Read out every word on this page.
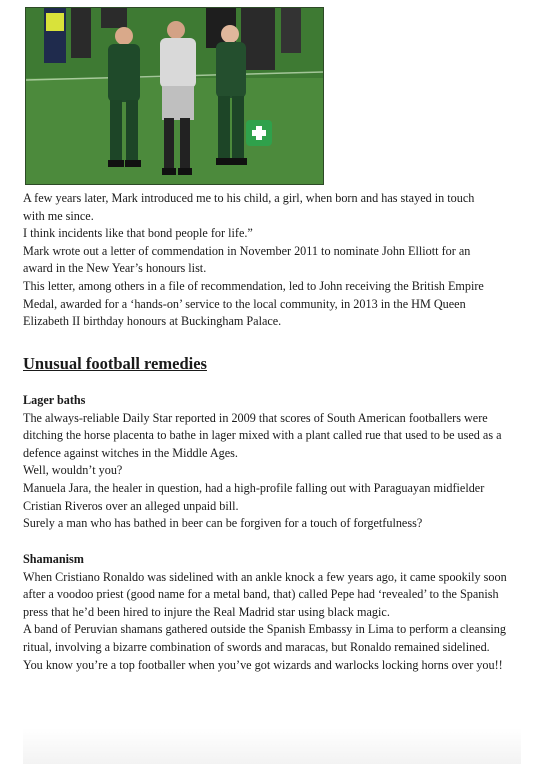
A few years later, Mark introduced me to his child, a girl, when born and has stayed in touch with me since.

I think incidents like that bond people for life.”

Mark wrote out a letter of commendation in November 2011 to nominate John Elliott for an award in the New Year’s honours list.

This letter, among others in a file of recommendation, led to John receiving the British Empire Medal, awarded for a ‘hands-on’ service to the local community, in 2013 in the HM Queen Elizabeth II birthday honours at Buckingham Palace.

Unusual football remedies

Lager baths

The always-reliable Daily Star reported in 2009 that scores of South American footballers were ditching the horse placenta to bathe in lager mixed with a plant called rue that used to be used as a defence against witches in the Middle Ages.

Well, wouldn’t you?

Manuela Jara, the healer in question, had a high-profile falling out with Paraguayan midfielder Cristian Riveros over an alleged unpaid bill.

Surely a man who has bathed in beer can be forgiven for a touch of forgetfulness?

Shamanism

When Cristiano Ronaldo was sidelined with an ankle knock a few years ago, it came spookily soon after a voodoo priest (good name for a metal band, that) called Pepe had ‘revealed’ to the Spanish press that he’d been hired to injure the Real Madrid star using black magic.

A band of Peruvian shamans gathered outside the Spanish Embassy in Lima to perform a cleansing ritual, involving a bizarre combination of swords and maracas, but Ronaldo remained sidelined.

You know you’re a top footballer when you’ve got wizards and warlocks locking horns over you!!
